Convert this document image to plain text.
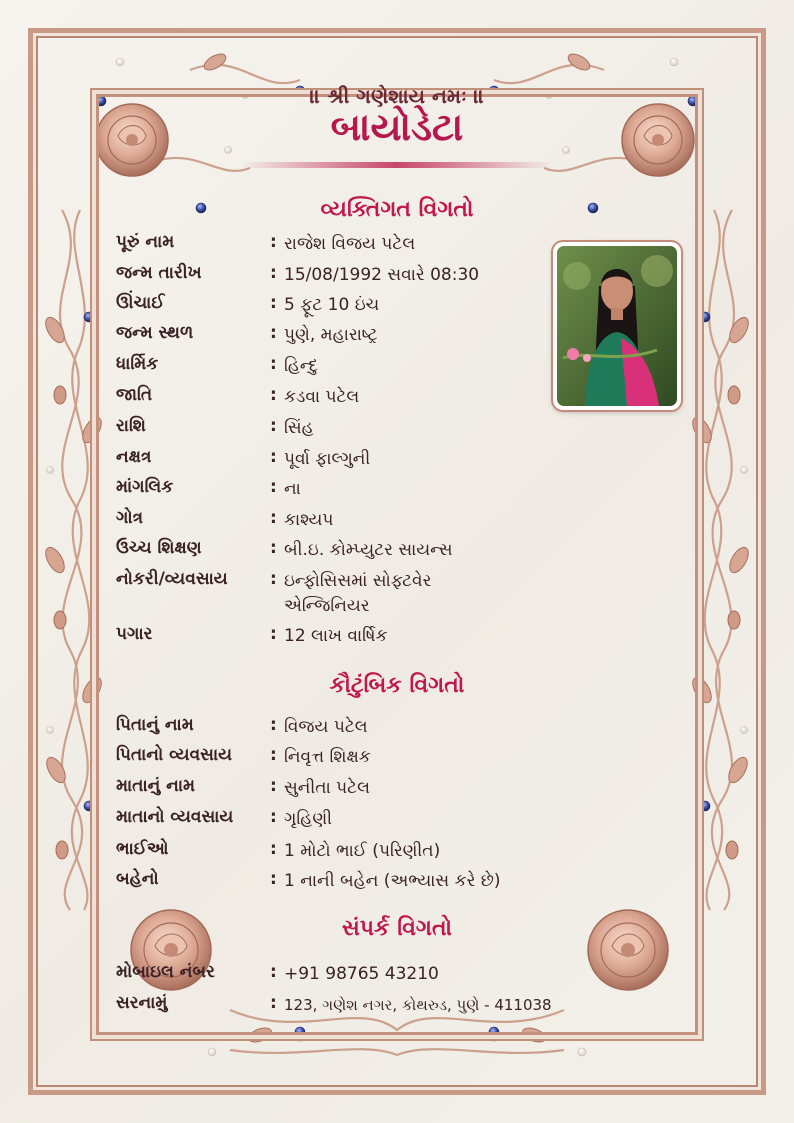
॥ શ્રી ગણેશાય નમઃ ॥
બાયોડેટા
વ્યક્તિગત વિગતો
પૂરું નામ	: રાજેશ વિજય પટેલ
જન્મ તારીખ	: 15/08/1992 સવારે 08:30
ઊંચાઈ	: 5 ફૂટ 10 ઇંચ
જન્મ સ્થળ	: પુણે, મહારાષ્ટ્ર
ધાર્મિક	: હિન્દુ
જાતિ	: કડવા પટેલ
રાશિ	: સિંહ
નક્ષત્ર	: પૂર્વા ફાલ્ગુની
માંગલિક	: ના
ગોત્ર	: કાશ્યપ
ઉચ્ચ શિક્ષણ	: બી.ઇ. કોમ્પ્યુટર સાયન્સ
નોકરી/વ્યવસાય	: ઇન્ફોસિસમાં સોફ્ટવેર એન્જિનિયર
પગાર	: 12 લાખ વાર્ષિક
કૌટુંબિક વિગતો
પિતાનું નામ	: વિજય પટેલ
પિતાનો વ્યવસાય	: નિવૃત્ત શિક્ષક
માતાનું નામ	: સુનીતા પટેલ
માતાનો વ્યવસાય	: ગૃહિણી
ભાઈઓ	: 1 મોટો ભાઈ (પરિણીત)
બહેનો	: 1 નાની બહેન (અભ્યાસ કરે છે)
સંપર્ક વિગતો
મોબાઇલ નંબર	: +91 98765 43210
સરનામું	: 123, ગણેશ નગર, કોથરુડ, પુણે - 411038
